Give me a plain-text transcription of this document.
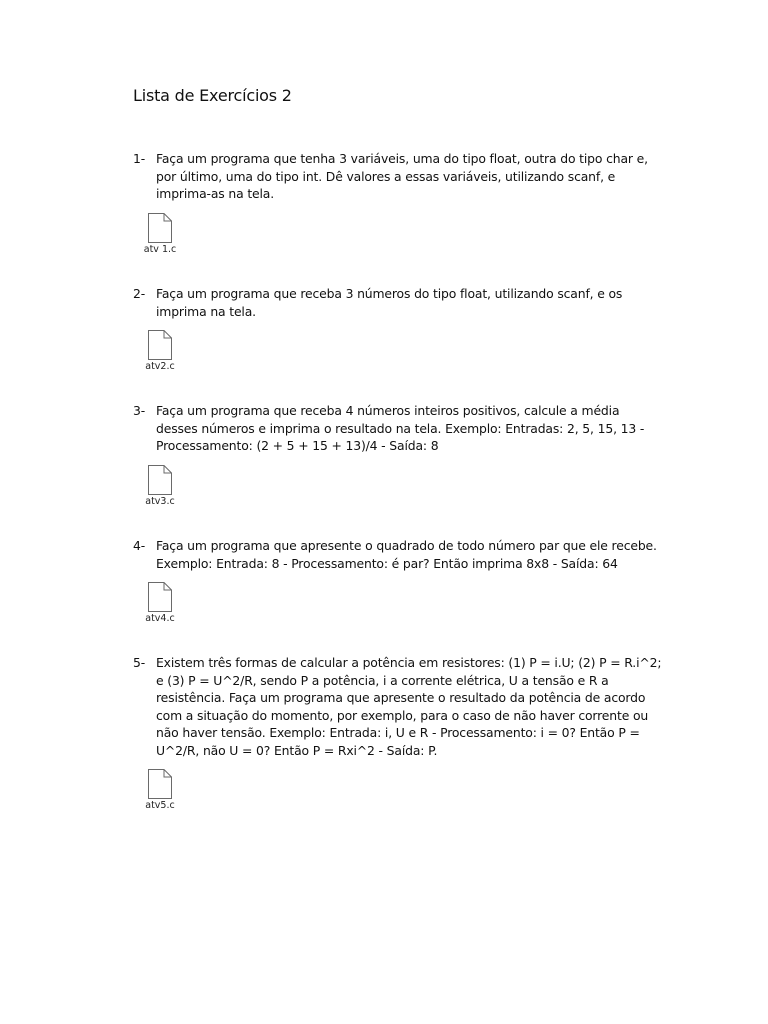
Lista de Exercícios 2
1- Faça um programa que tenha 3 variáveis, uma do tipo float, outra do tipo char e, por último, uma do tipo int. Dê valores a essas variáveis, utilizando scanf, e imprima-as na tela.
atv 1.c
2- Faça um programa que receba 3 números do tipo float, utilizando scanf, e os imprima na tela.
atv2.c
3- Faça um programa que receba 4 números inteiros positivos, calcule a média desses números e imprima o resultado na tela. Exemplo: Entradas: 2, 5, 15, 13 - Processamento: (2 + 5 + 15 + 13)/4 - Saída: 8
atv3.c
4- Faça um programa que apresente o quadrado de todo número par que ele recebe. Exemplo: Entrada: 8 - Processamento: é par? Então imprima 8x8 - Saída: 64
atv4.c
5- Existem três formas de calcular a potência em resistores: (1) P = i.U; (2) P = R.i^2; e (3) P = U^2/R, sendo P a potência, i a corrente elétrica, U a tensão e R a resistência. Faça um programa que apresente o resultado da potência de acordo com a situação do momento, por exemplo, para o caso de não haver corrente ou não haver tensão. Exemplo: Entrada: i, U e R - Processamento: i = 0? Então P = U^2/R, não U = 0? Então P = Rxi^2 - Saída: P.
atv5.c
